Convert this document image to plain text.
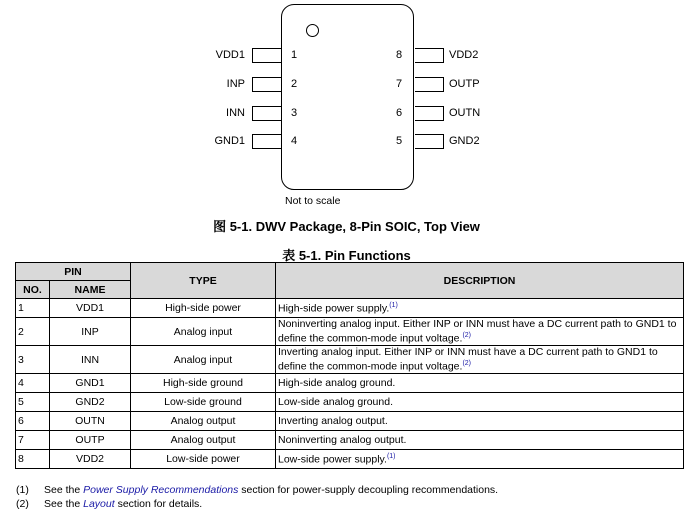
VDD1
INP
INN
GND1
1
2
3
4
VDD2
OUTP
OUTN
GND2
8
7
6
5
Not to scale
图 5-1. DWV Package, 8-Pin SOIC, Top View
表 5-1. Pin Functions
PIN		TYPE	DESCRIPTION
NO.	NAME		
1	VDD1	High-side power	High-side power supply.$^{(1)}$
2	INP	Analog input	Noninverting analog input. Either INP or INN must have a DC current path to GND1 to define the common-mode input voltage.$^{(2)}$
3	INN	Analog input	Inverting analog input. Either INP or INN must have a DC current path to GND1 to define the common-mode input voltage.$^{(2)}$
4	GND1	High-side ground	High-side analog ground.
5	GND2	Low-side ground	Low-side analog ground.
6	OUTN	Analog output	Inverting analog output.
7	OUTP	Analog output	Noninverting analog output.
8	VDD2	Low-side power	Low-side power supply.$^{(1)}$
(1) See the Power Supply Recommendations section for power-supply decoupling recommendations.
(2) See the Layout section for details.
